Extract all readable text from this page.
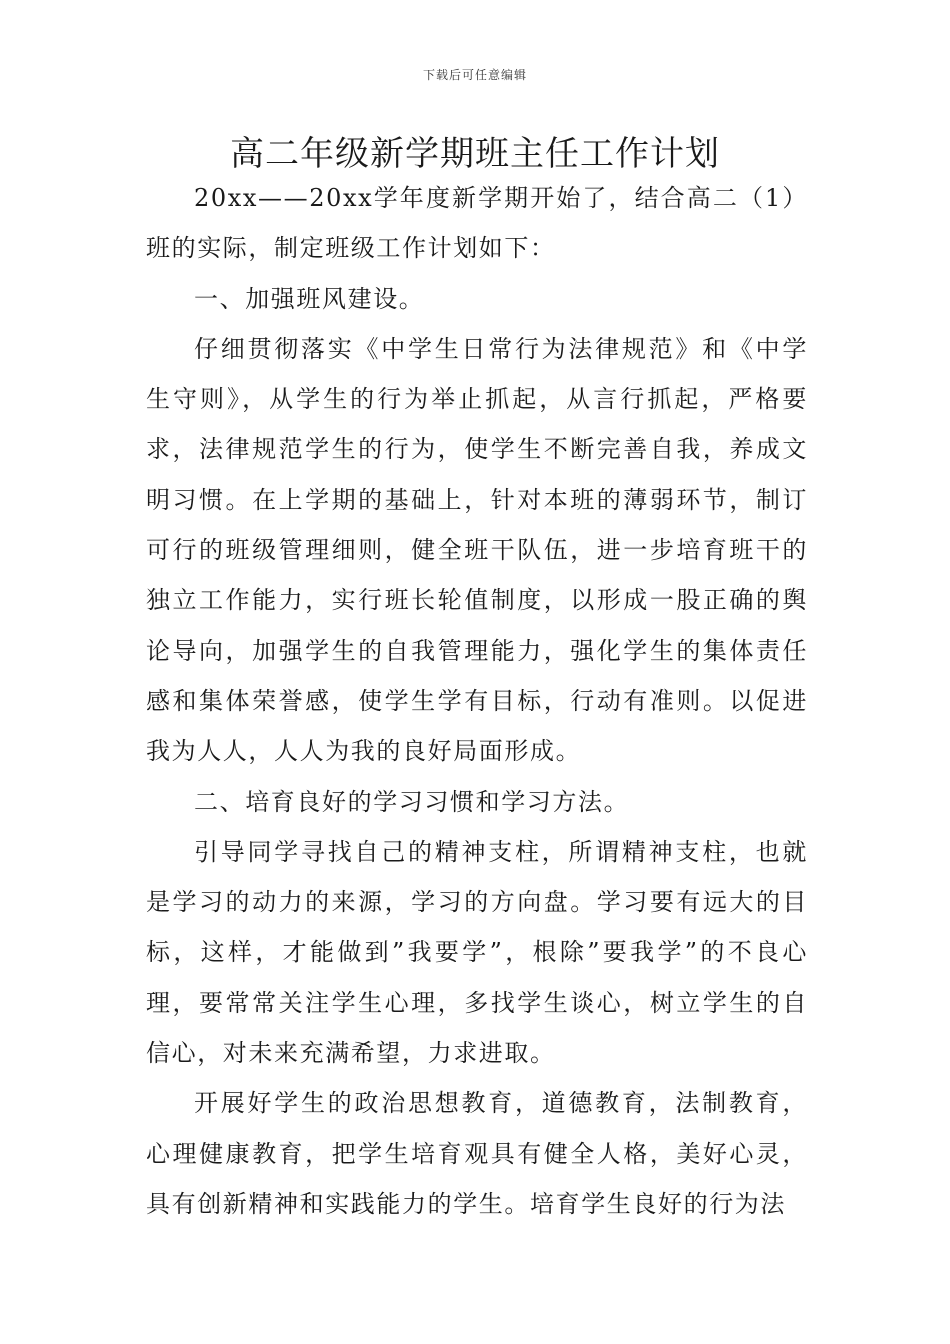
下载后可任意编辑
高二年级新学期班主任工作计划

20xx——20xx学年度新学期开始了，结合高二（1）班的实际，制定班级工作计划如下：

一、加强班风建设。

仔细贯彻落实《中学生日常行为法律规范》和《中学生守则》，从学生的行为举止抓起，从言行抓起，严格要求，法律规范学生的行为，使学生不断完善自我，养成文明习惯。在上学期的基础上，针对本班的薄弱环节，制订可行的班级管理细则，健全班干队伍，进一步培育班干的独立工作能力，实行班长轮值制度，以形成一股正确的舆论导向，加强学生的自我管理能力，强化学生的集体责任感和集体荣誉感，使学生学有目标，行动有准则。以促进我为人人，人人为我的良好局面形成。

二、培育良好的学习习惯和学习方法。

引导同学寻找自己的精神支柱，所谓精神支柱，也就是学习的动力的来源，学习的方向盘。学习要有远大的目标，这样，才能做到”我要学”，根除”要我学”的不良心理，要常常关注学生心理，多找学生谈心，树立学生的自信心，对未来充满希望，力求进取。

开展好学生的政治思想教育，道德教育，法制教育，心理健康教育，把学生培育观具有健全人格，美好心灵，具有创新精神和实践能力的学生。培育学生良好的行为法
